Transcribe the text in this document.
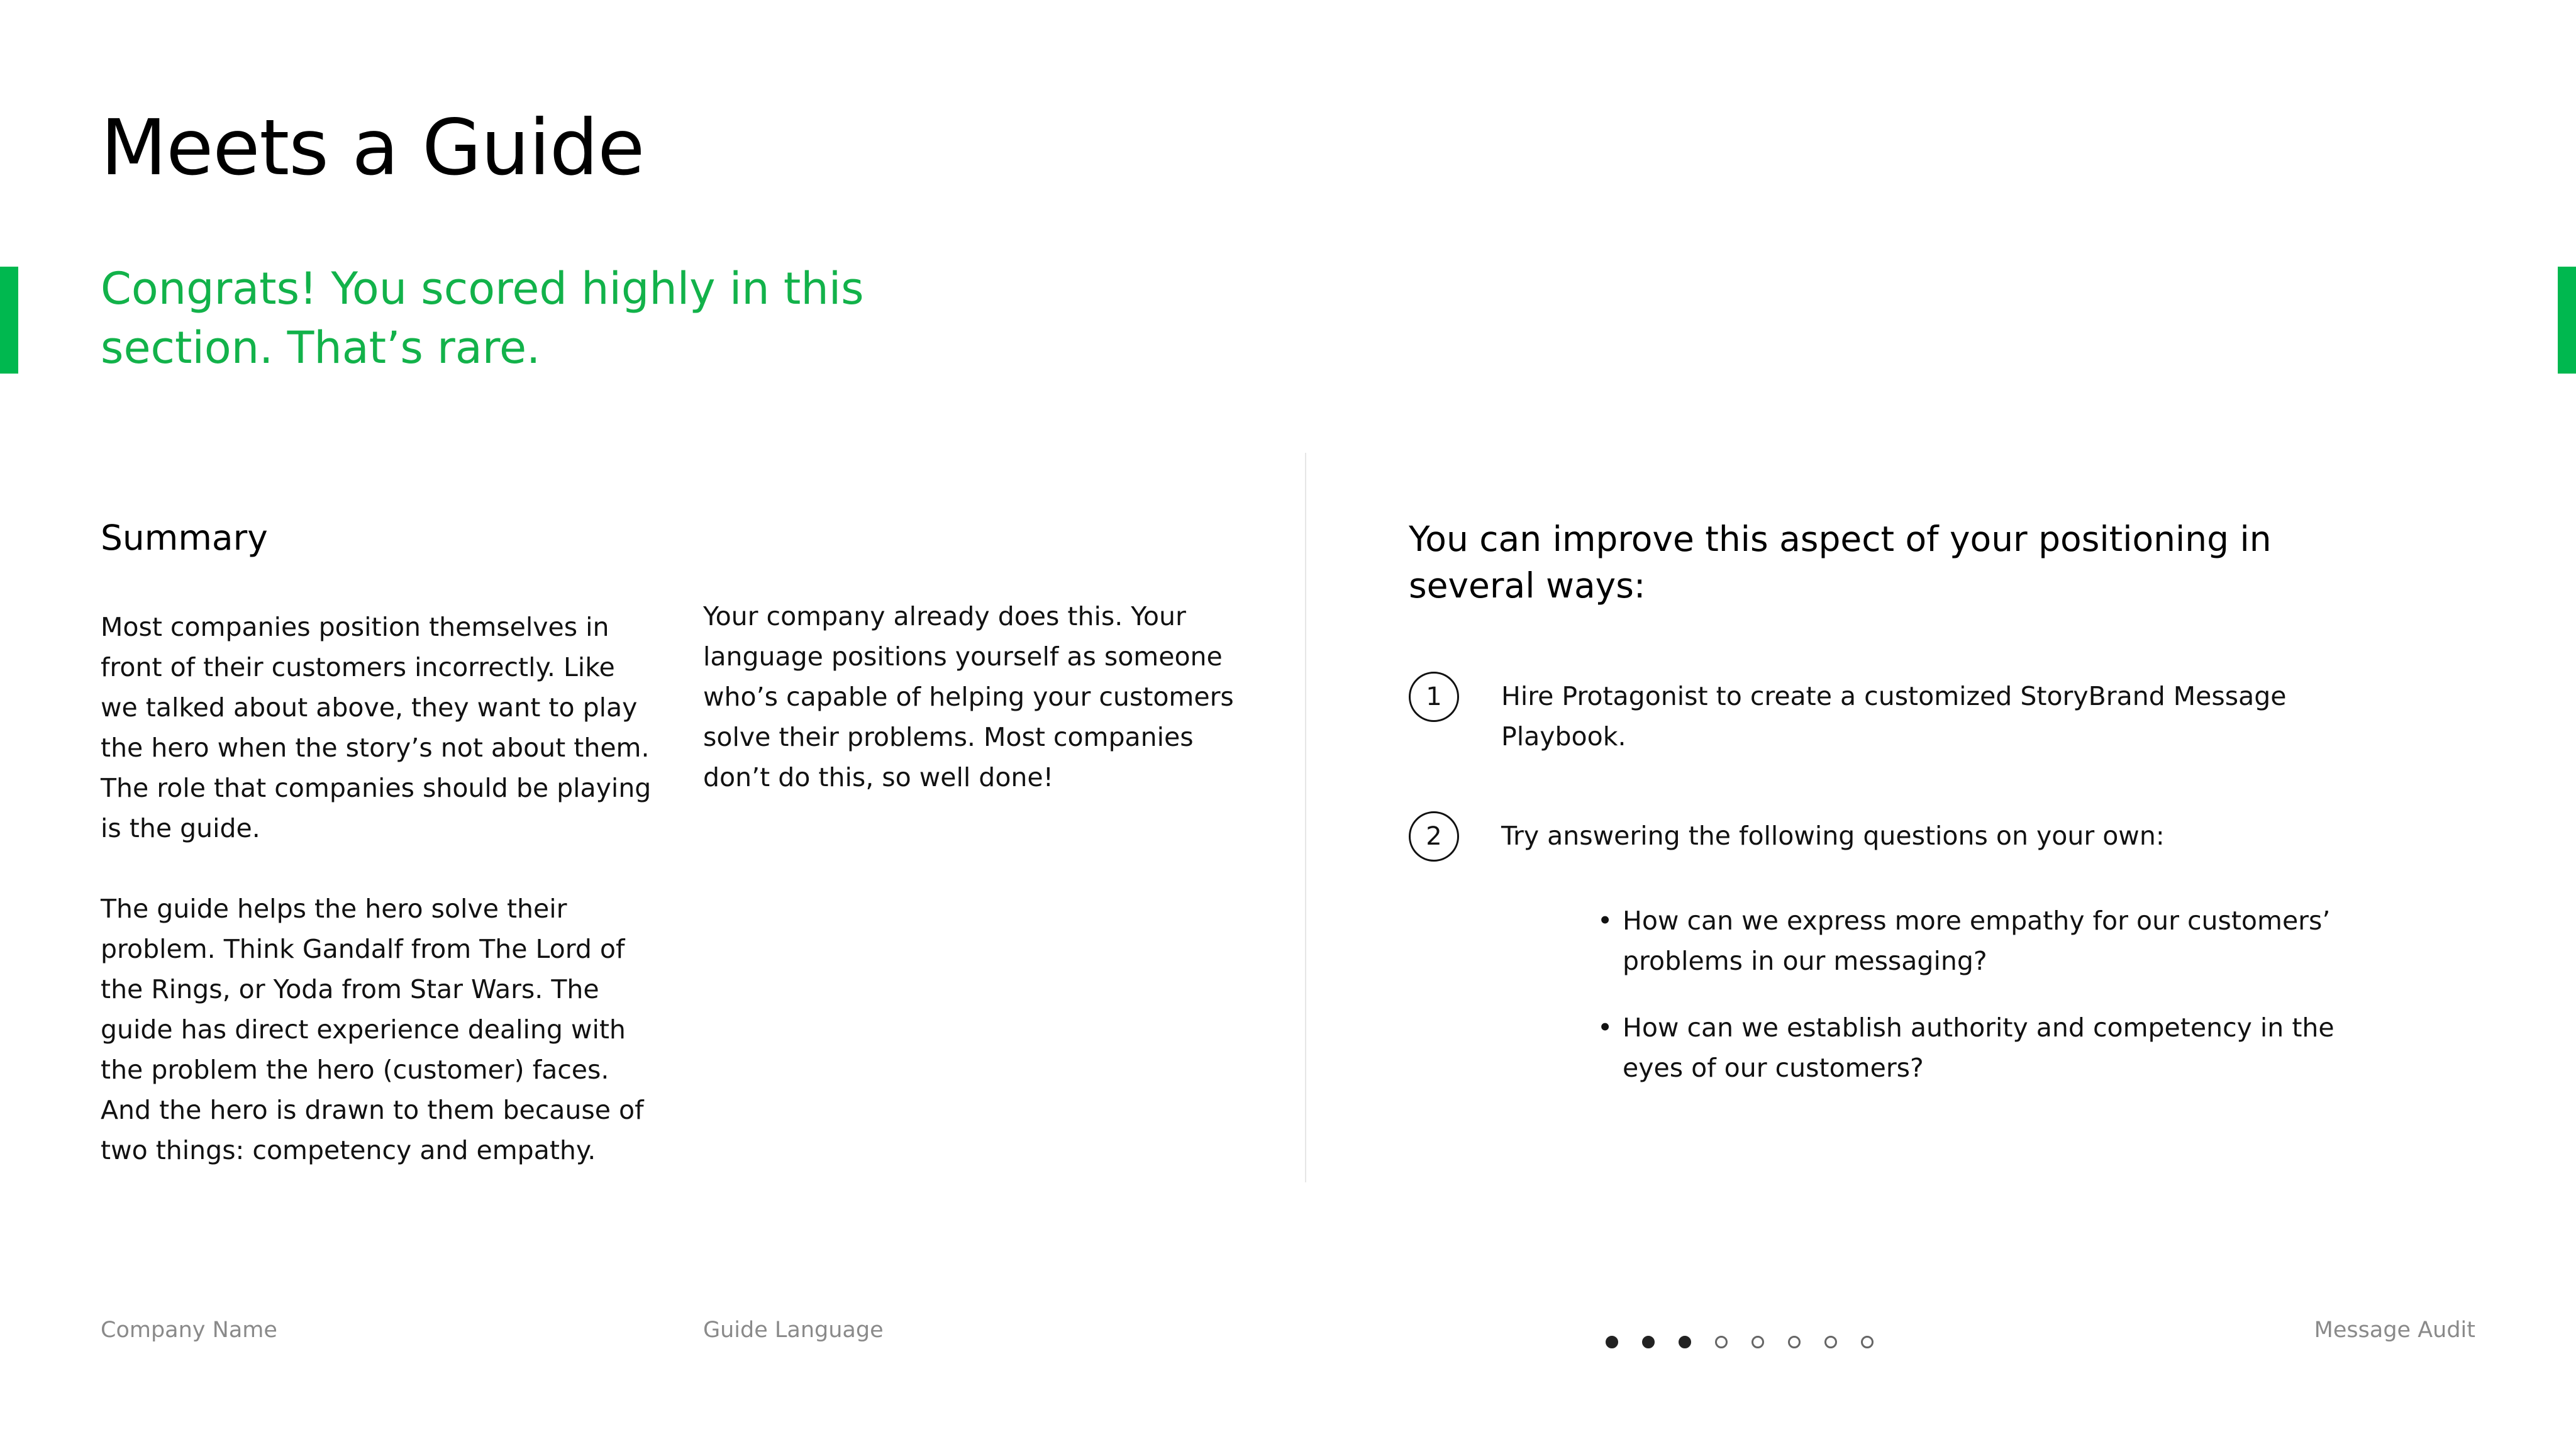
Meets a Guide

Congrats! You scored highly in this section. That’s rare.

Summary

Most companies position themselves in front of their customers incorrectly. Like we talked about above, they want to play the hero when the story’s not about them. The role that companies should be playing is the guide.

The guide helps the hero solve their problem. Think Gandalf from The Lord of the Rings, or Yoda from Star Wars. The guide has direct experience dealing with the problem the hero (customer) faces. And the hero is drawn to them because of two things: competency and empathy.

Your company already does this. Your language positions yourself as someone who’s capable of helping your customers solve their problems. Most companies don’t do this, so well done!

You can improve this aspect of your positioning in several ways:
1	Hire Protagonist to create a customized StoryBrand Message Playbook.

2	Try answering the following questions on your own:

• How can we express more empathy for our customers’ problems in our messaging?
• How can we establish authority and competency in the eyes of our customers?
Company Name	Guide Language	Message Audit
